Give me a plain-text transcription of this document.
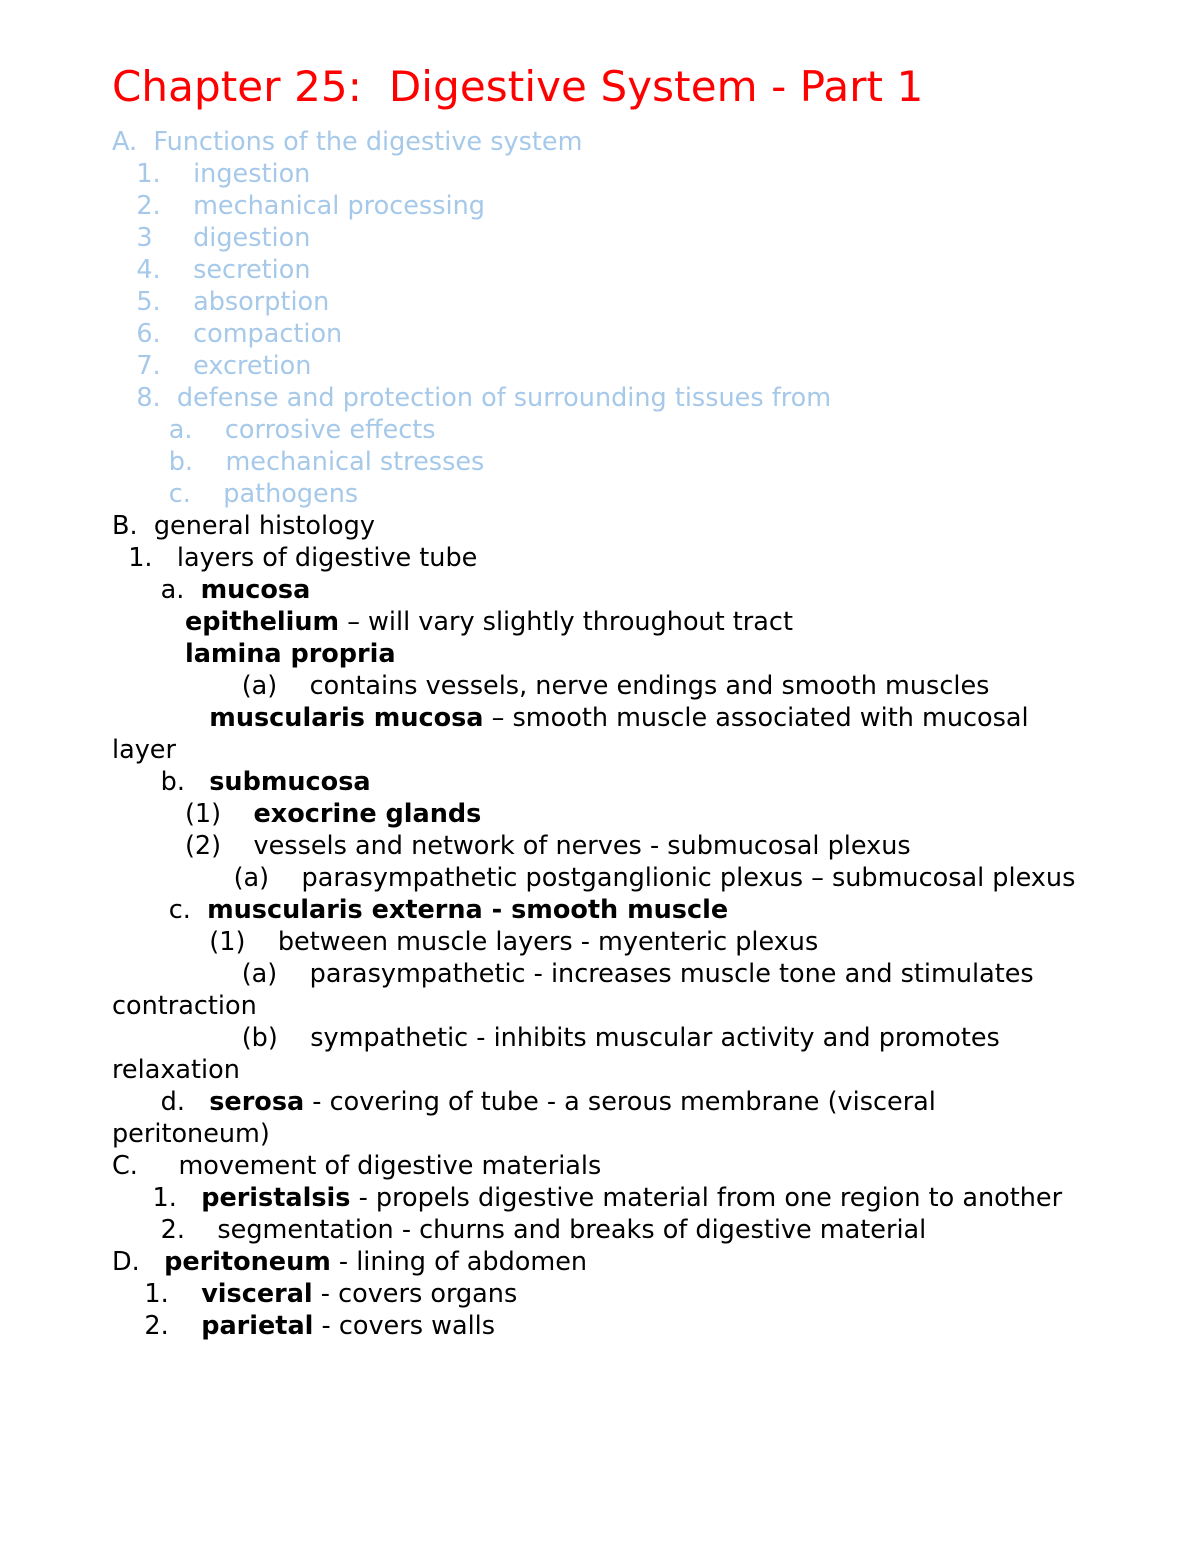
Chapter 25:  Digestive System - Part 1
A.  Functions of the digestive system
1.    ingestion
2.    mechanical processing
3     digestion
4.    secretion
5.    absorption
6.    compaction
7.    excretion
8.  defense and protection of surrounding tissues from
a.    corrosive effects
b.    mechanical stresses
c.    pathogens
B.  general histology
1.   layers of digestive tube
a.  mucosa
epithelium – will vary slightly throughout tract
lamina propria
(a)    contains vessels, nerve endings and smooth muscles
muscularis mucosa – smooth muscle associated with mucosal layer
b.   submucosa
(1)    exocrine glands
(2)    vessels and network of nerves - submucosal plexus
(a)    parasympathetic postganglionic plexus – submucosal plexus
c.  muscularis externa - smooth muscle
(1)    between muscle layers - myenteric plexus
(a)    parasympathetic - increases muscle tone and stimulates contraction
(b)    sympathetic - inhibits muscular activity and promotes relaxation
d.   serosa - covering of tube - a serous membrane (visceral peritoneum)
C.     movement of digestive materials
1.   peristalsis - propels digestive material from one region to another
2.    segmentation - churns and breaks of digestive material
D.   peritoneum - lining of abdomen
1.    visceral - covers organs
2.    parietal - covers walls
